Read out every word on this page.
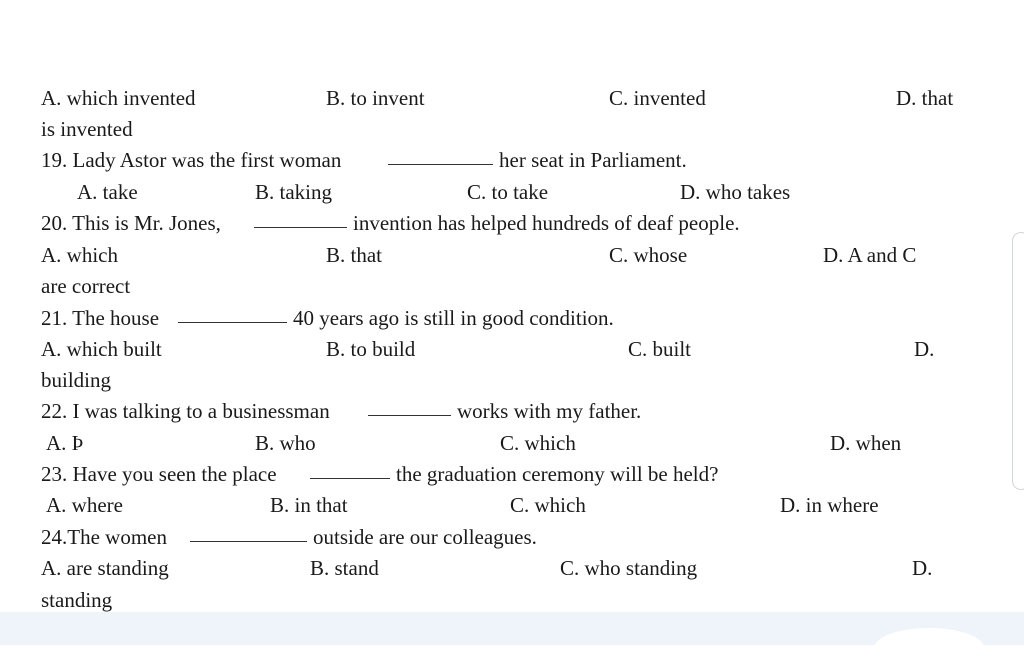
A. which invented	B. to invent	C. invented	D. that
is invented
19. Lady Astor was the first woman	her seat in Parliament.
A. take	B. taking	C. to take	D. who takes
20. This is Mr. Jones,	invention has helped hundreds of deaf people.
A. which	B. that	C. whose	D. A and C
are correct
21. The house	40 years ago is still in good condition.
A. which built	B. to build	C. built	D.
building
22. I was talking to a businessman	works with my father.
A. Þ	B. who	C. which	D. when
23. Have you seen the place	the graduation ceremony will be held?
A. where	B. in that	C. which	D. in where
24.The women	outside are our colleagues.
A. are standing	B. stand	C. who standing	D.
standing
